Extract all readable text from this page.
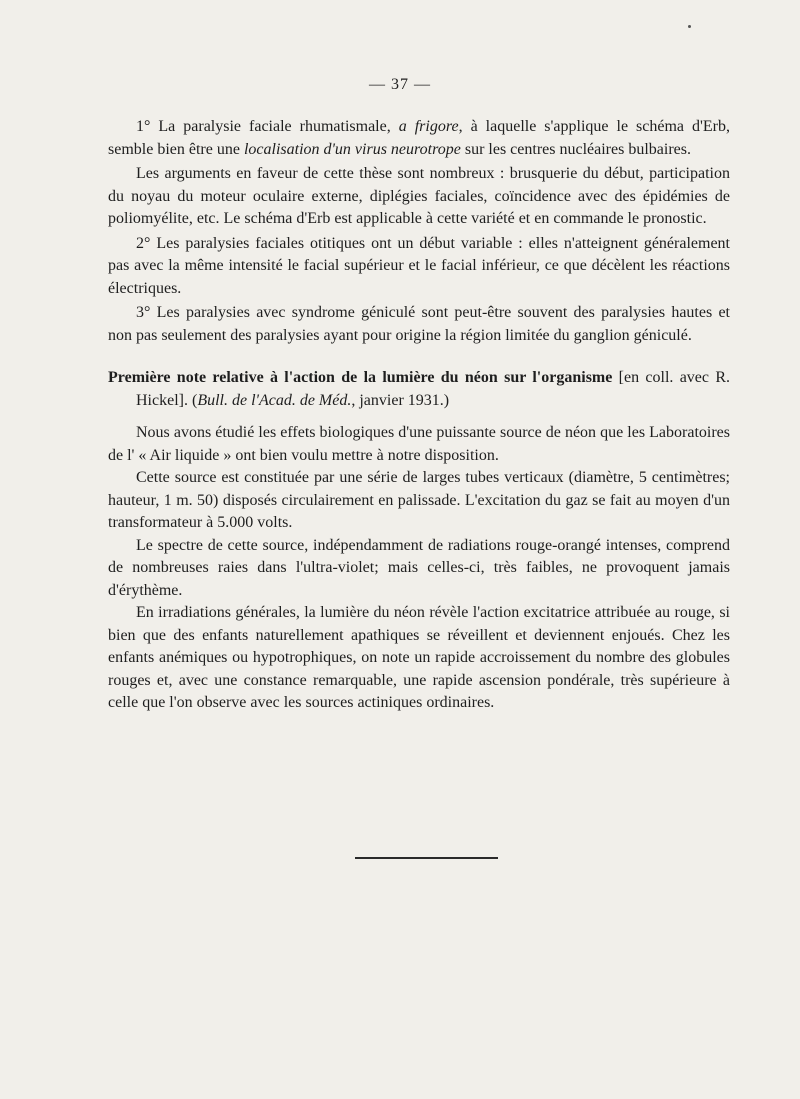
— 37 —

1° La paralysie faciale rhumatismale, a frigore, à laquelle s'applique le schéma d'Erb, semble bien être une localisation d'un virus neurotrope sur les centres nucléaires bulbaires.

Les arguments en faveur de cette thèse sont nombreux : brusquerie du début, participation du noyau du moteur oculaire externe, diplégies faciales, coïncidence avec des épidémies de poliomyélite, etc. Le schéma d'Erb est applicable à cette variété et en commande le pronostic.

2° Les paralysies faciales otitiques ont un début variable : elles n'atteignent généralement pas avec la même intensité le facial supérieur et le facial inférieur, ce que décèlent les réactions électriques.

3° Les paralysies avec syndrome géniculé sont peut-être souvent des paralysies hautes et non pas seulement des paralysies ayant pour origine la région limitée du ganglion géniculé.

Première note relative à l'action de la lumière du néon sur l'organisme [en coll. avec R. Hickel]. (Bull. de l'Acad. de Méd., janvier 1931.)

Nous avons étudié les effets biologiques d'une puissante source de néon que les Laboratoires de l' « Air liquide » ont bien voulu mettre à notre disposition.

Cette source est constituée par une série de larges tubes verticaux (diamètre, 5 centimètres; hauteur, 1 m. 50) disposés circulairement en palissade. L'excitation du gaz se fait au moyen d'un transformateur à 5.000 volts.

Le spectre de cette source, indépendamment de radiations rouge-orangé intenses, comprend de nombreuses raies dans l'ultra-violet; mais celles-ci, très faibles, ne provoquent jamais d'érythème.

En irradiations générales, la lumière du néon révèle l'action excitatrice attribuée au rouge, si bien que des enfants naturellement apathiques se réveillent et deviennent enjoués. Chez les enfants anémiques ou hypotrophiques, on note un rapide accroissement du nombre des globules rouges et, avec une constance remarquable, une rapide ascension pondérale, très supérieure à celle que l'on observe avec les sources actiniques ordinaires.
